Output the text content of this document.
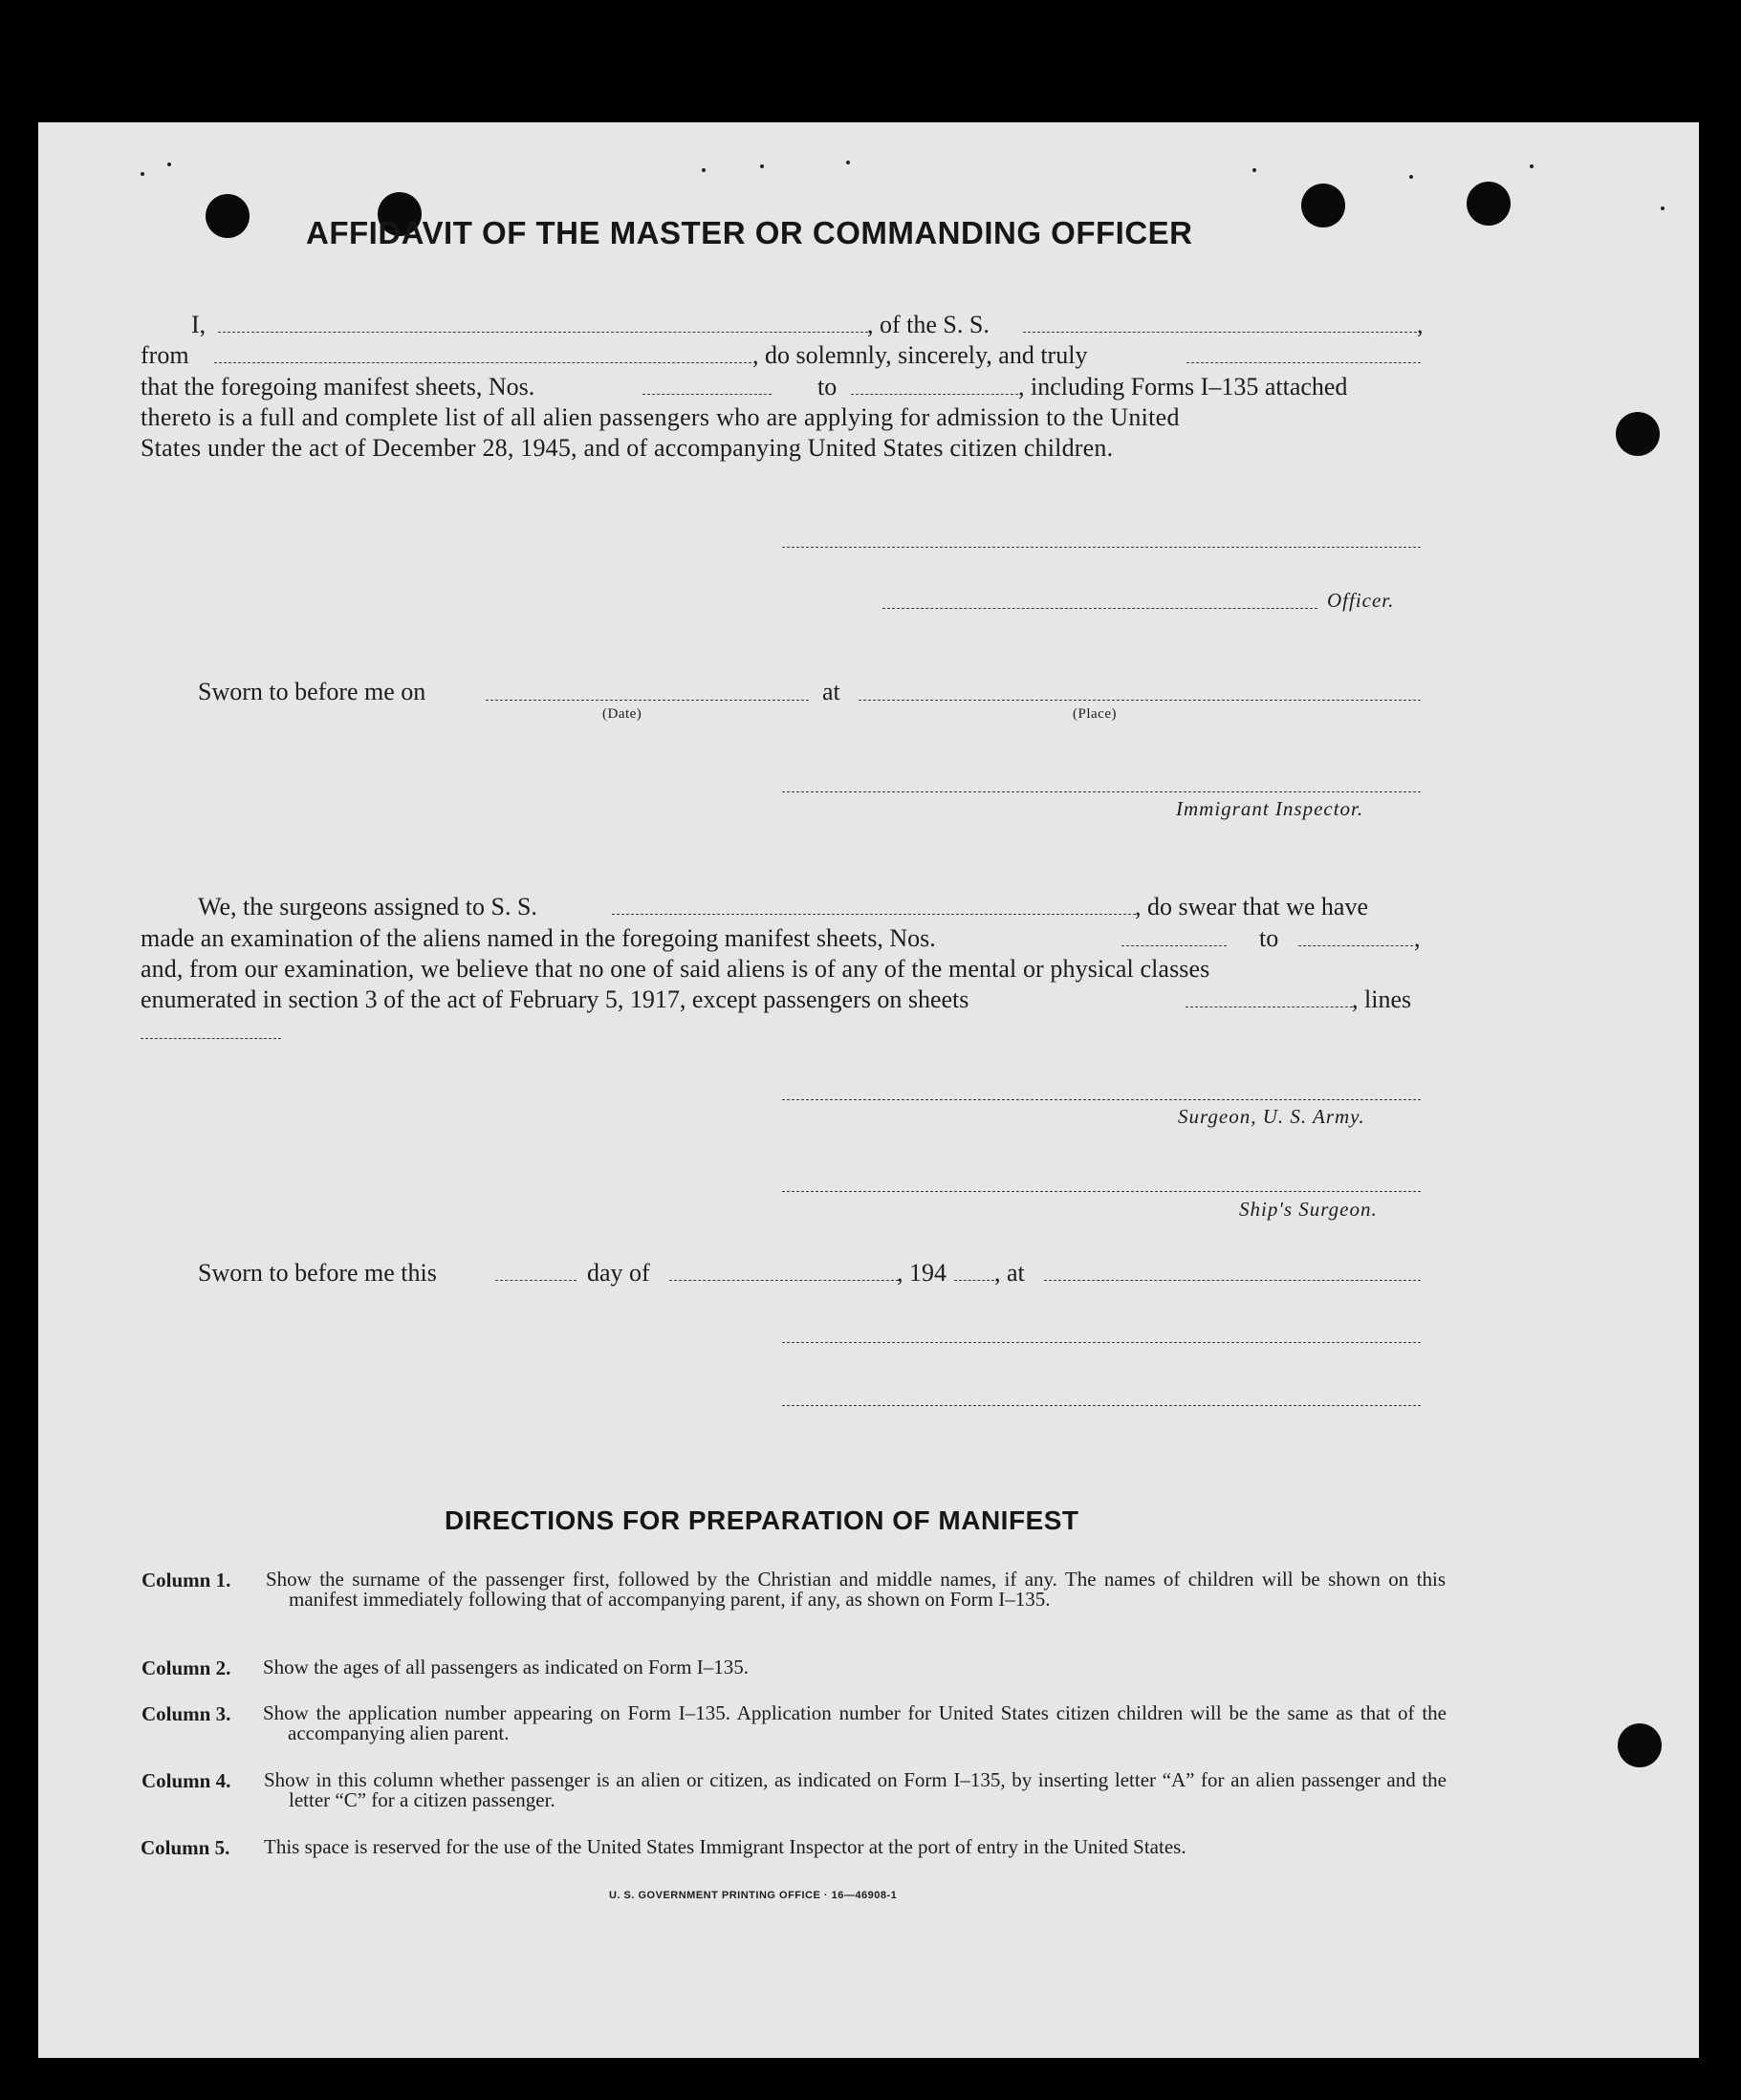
AFFIDAVIT OF THE MASTER OR COMMANDING OFFICER
I,	, of the S. S.	,
from	, do solemnly, sincerely, and truly
that the foregoing manifest sheets, Nos.	to	, including Forms I–135 attached
thereto is a full and complete list of all alien passengers who are applying for admission to the United
States under the act of December 28, 1945, and of accompanying United States citizen children.
Officer.
Sworn to before me on	at
(Date)	(Place)
Immigrant Inspector.
We, the surgeons assigned to S. S.	, do swear that we have
made an examination of the aliens named in the foregoing manifest sheets, Nos.	to	,
and, from our examination, we believe that no one of said aliens is of any of the mental or physical classes
enumerated in section 3 of the act of February 5, 1917, except passengers on sheets	, lines
Surgeon, U. S. Army.
Ship's Surgeon.
Sworn to before me this	day of	, 194 , at
DIRECTIONS FOR PREPARATION OF MANIFEST
Column 1. Show the surname of the passenger first, followed by the Christian and middle names, if any. The names of children will be shown on this manifest immediately following that of accompanying parent, if any, as shown on Form I–135.
Column 2. Show the ages of all passengers as indicated on Form I–135.
Column 3. Show the application number appearing on Form I–135. Application number for United States citizen children will be the same as that of the accompanying alien parent.
Column 4. Show in this column whether passenger is an alien or citizen, as indicated on Form I–135, by inserting letter “A” for an alien passenger and the letter “C” for a citizen passenger.
Column 5. This space is reserved for the use of the United States Immigrant Inspector at the port of entry in the United States.
U. S. GOVERNMENT PRINTING OFFICE · 16—46908-1
